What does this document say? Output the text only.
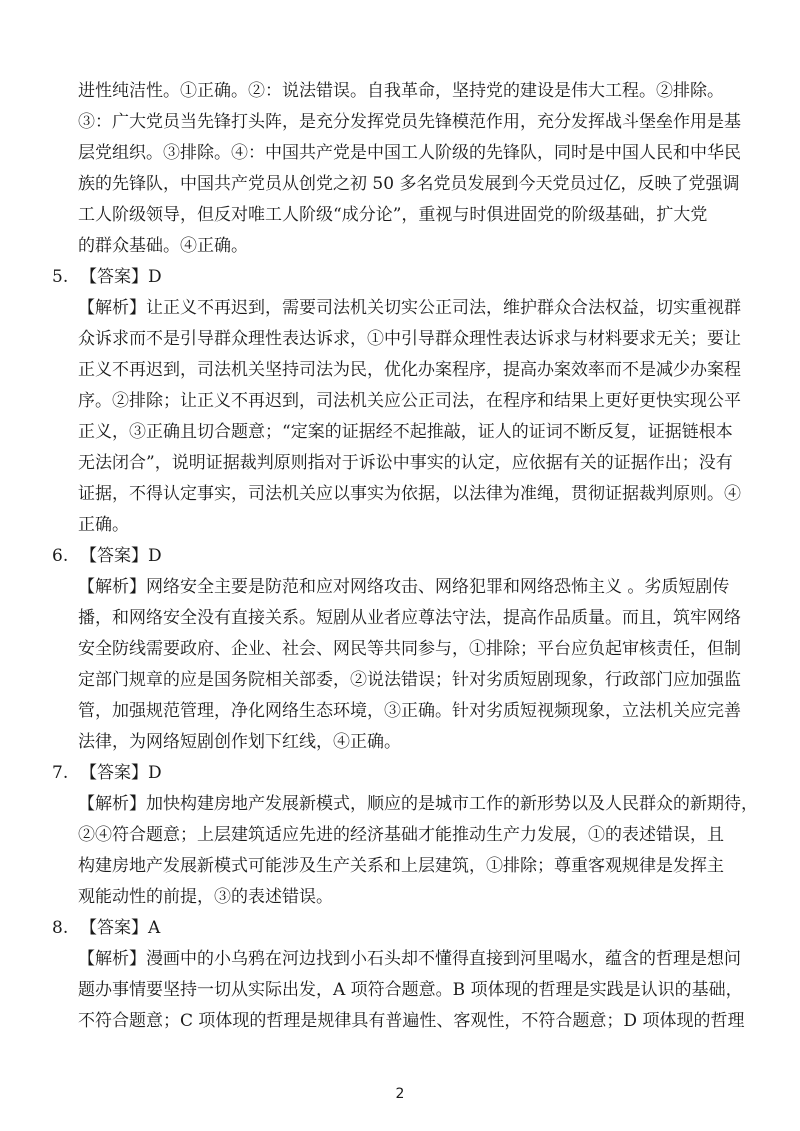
进性纯洁性。①正确。②：说法错误。自我革命，坚持党的建设是伟大工程。②排除。
③：广大党员当先锋打头阵，是充分发挥党员先锋模范作用，充分发挥战斗堡垒作用是基
层党组织。③排除。④：中国共产党是中国工人阶级的先锋队，同时是中国人民和中华民
族的先锋队，中国共产党员从创党之初 50 多名党员发展到今天党员过亿，反映了党强调
工人阶级领导，但反对唯工人阶级“成分论”，重视与时俱进固党的阶级基础，扩大党
的群众基础。④正确。
5. 【答案】D
【解析】让正义不再迟到，需要司法机关切实公正司法，维护群众合法权益，切实重视群
众诉求而不是引导群众理性表达诉求，①中引导群众理性表达诉求与材料要求无关；要让
正义不再迟到，司法机关坚持司法为民，优化办案程序，提高办案效率而不是减少办案程
序。②排除；让正义不再迟到，司法机关应公正司法，在程序和结果上更好更快实现公平
正义，③正确且切合题意；“定案的证据经不起推敲，证人的证词不断反复，证据链根本
无法闭合”，说明证据裁判原则指对于诉讼中事实的认定，应依据有关的证据作出；没有
证据，不得认定事实，司法机关应以事实为依据，以法律为准绳，贯彻证据裁判原则。④
正确。
6. 【答案】D
【解析】网络安全主要是防范和应对网络攻击、网络犯罪和网络恐怖主义 。劣质短剧传
播，和网络安全没有直接关系。短剧从业者应尊法守法，提高作品质量。而且，筑牢网络
安全防线需要政府、企业、社会、网民等共同参与，①排除；平台应负起审核责任，但制
定部门规章的应是国务院相关部委，②说法错误；针对劣质短剧现象，行政部门应加强监
管，加强规范管理，净化网络生态环境，③正确。针对劣质短视频现象，立法机关应完善
法律，为网络短剧创作划下红线，④正确。
7. 【答案】D
【解析】加快构建房地产发展新模式，顺应的是城市工作的新形势以及人民群众的新期待，
②④符合题意；上层建筑适应先进的经济基础才能推动生产力发展，①的表述错误，且
构建房地产发展新模式可能涉及生产关系和上层建筑，①排除；尊重客观规律是发挥主
观能动性的前提，③的表述错误。
8. 【答案】A
【解析】漫画中的小乌鸦在河边找到小石头却不懂得直接到河里喝水，蕴含的哲理是想问
题办事情要坚持一切从实际出发，A 项符合题意。B 项体现的哲理是实践是认识的基础，
不符合题意；C 项体现的哲理是规律具有普遍性、客观性，不符合题意；D 项体现的哲理
2
